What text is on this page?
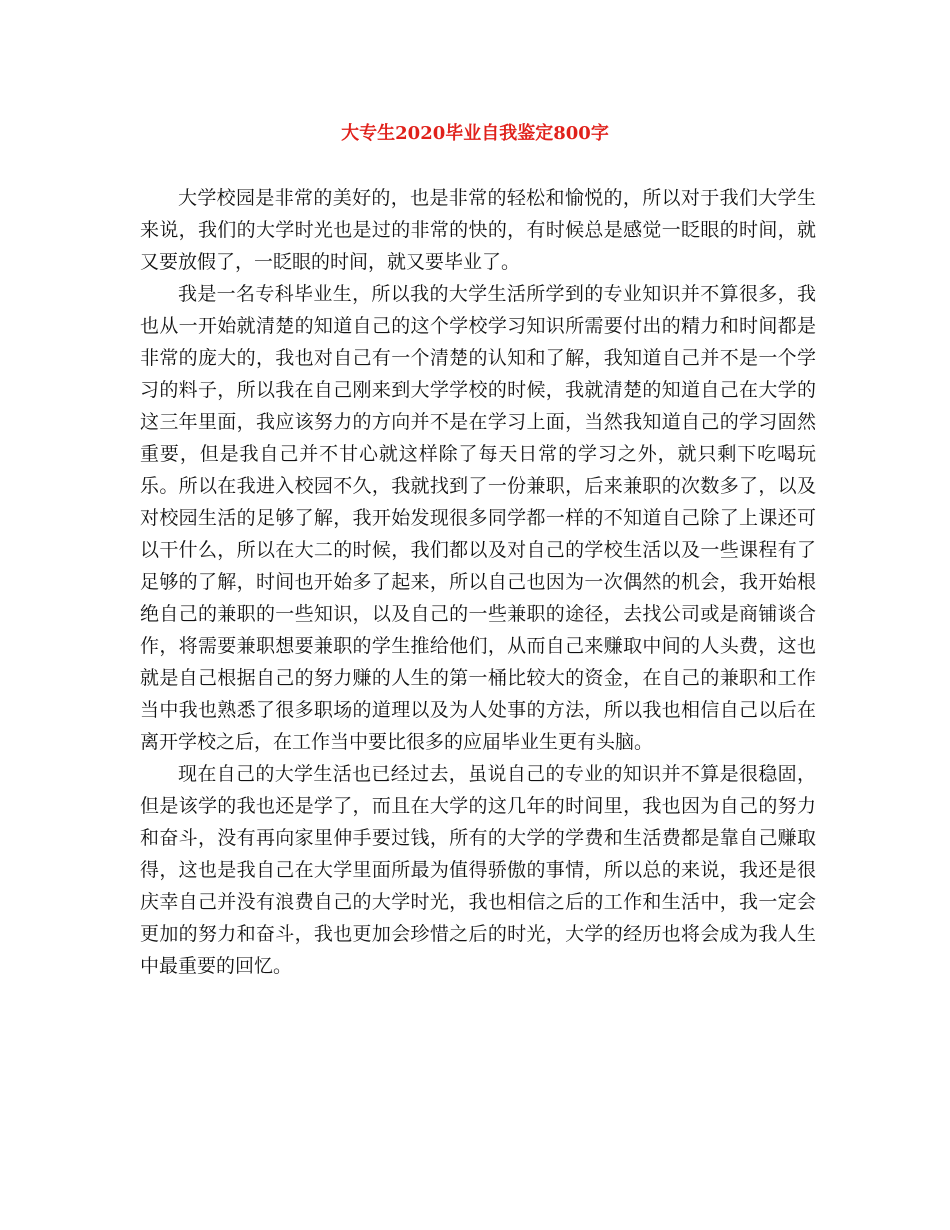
大专生2020毕业自我鉴定800字

大学校园是非常的美好的，也是非常的轻松和愉悦的，所以对于我们大学生来说，我们的大学时光也是过的非常的快的，有时候总是感觉一眨眼的时间，就又要放假了，一眨眼的时间，就又要毕业了。

我是一名专科毕业生，所以我的大学生活所学到的专业知识并不算很多，我也从一开始就清楚的知道自己的这个学校学习知识所需要付出的精力和时间都是非常的庞大的，我也对自己有一个清楚的认知和了解，我知道自己并不是一个学习的料子，所以我在自己刚来到大学学校的时候，我就清楚的知道自己在大学的这三年里面，我应该努力的方向并不是在学习上面，当然我知道自己的学习固然重要，但是我自己并不甘心就这样除了每天日常的学习之外，就只剩下吃喝玩乐。所以在我进入校园不久，我就找到了一份兼职，后来兼职的次数多了，以及对校园生活的足够了解，我开始发现很多同学都一样的不知道自己除了上课还可以干什么，所以在大二的时候，我们都以及对自己的学校生活以及一些课程有了足够的了解，时间也开始多了起来，所以自己也因为一次偶然的机会，我开始根绝自己的兼职的一些知识，以及自己的一些兼职的途径，去找公司或是商铺谈合作，将需要兼职想要兼职的学生推给他们，从而自己来赚取中间的人头费，这也就是自己根据自己的努力赚的人生的第一桶比较大的资金，在自己的兼职和工作当中我也熟悉了很多职场的道理以及为人处事的方法，所以我也相信自己以后在离开学校之后，在工作当中要比很多的应届毕业生更有头脑。

现在自己的大学生活也已经过去，虽说自己的专业的知识并不算是很稳固，但是该学的我也还是学了，而且在大学的这几年的时间里，我也因为自己的努力和奋斗，没有再向家里伸手要过钱，所有的大学的学费和生活费都是靠自己赚取得，这也是我自己在大学里面所最为值得骄傲的事情，所以总的来说，我还是很庆幸自己并没有浪费自己的大学时光，我也相信之后的工作和生活中，我一定会更加的努力和奋斗，我也更加会珍惜之后的时光，大学的经历也将会成为我人生中最重要的回忆。
